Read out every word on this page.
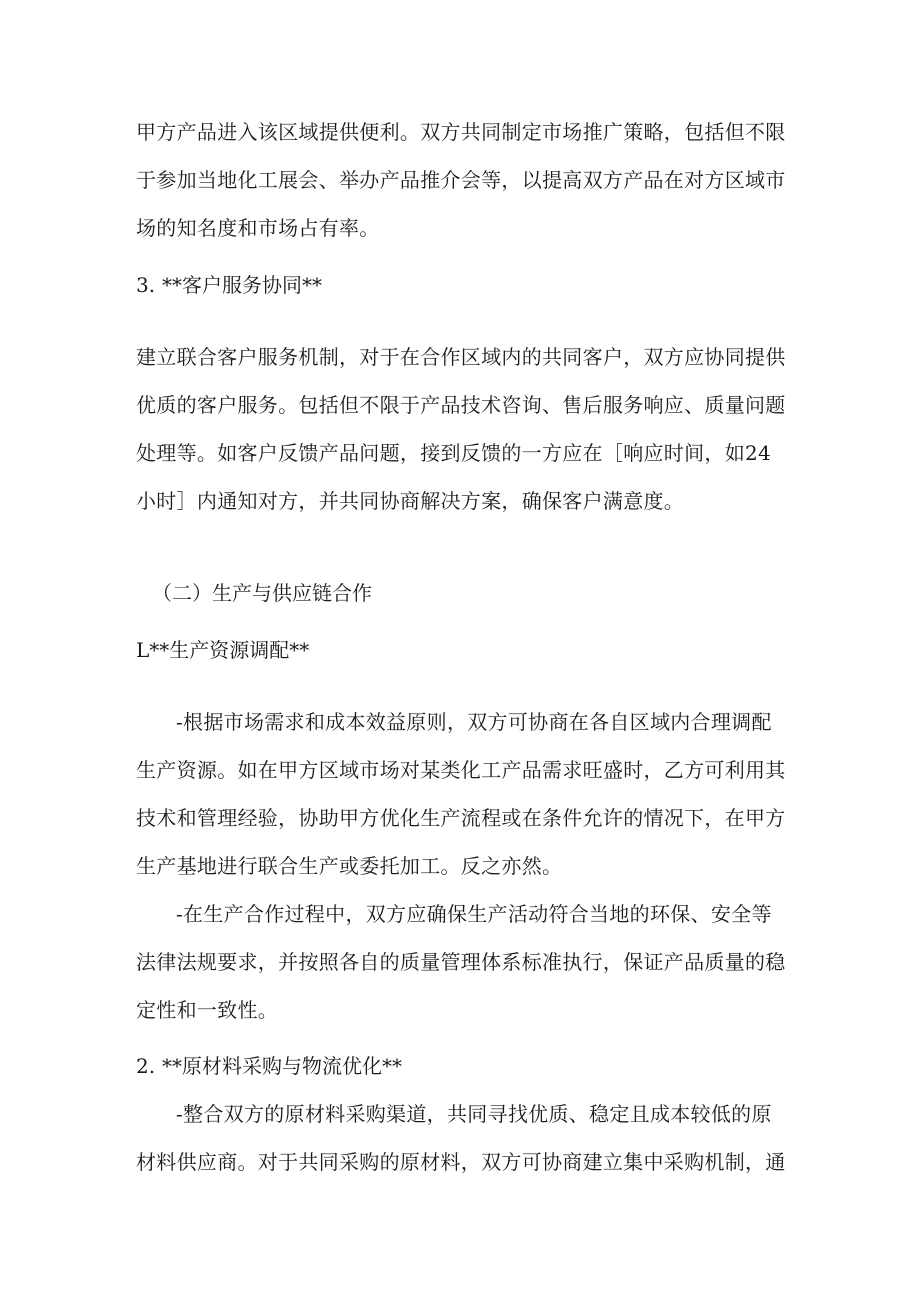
甲方产品进入该区域提供便利。双方共同制定市场推广策略，包括但不限
于参加当地化工展会、举办产品推介会等，以提高双方产品在对方区域市
场的知名度和市场占有率。
3. **客户服务协同**
建立联合客户服务机制，对于在合作区域内的共同客户，双方应协同提供
优质的客户服务。包括但不限于产品技术咨询、售后服务响应、质量问题
处理等。如客户反馈产品问题，接到反馈的一方应在［响应时间，如24
小时］内通知对方，并共同协商解决方案，确保客户满意度。
（二）生产与供应链合作
L**生产资源调配**
-根据市场需求和成本效益原则，双方可协商在各自区域内合理调配
生产资源。如在甲方区域市场对某类化工产品需求旺盛时，乙方可利用其
技术和管理经验，协助甲方优化生产流程或在条件允许的情况下，在甲方
生产基地进行联合生产或委托加工。反之亦然。
-在生产合作过程中，双方应确保生产活动符合当地的环保、安全等
法律法规要求，并按照各自的质量管理体系标准执行，保证产品质量的稳
定性和一致性。
2. **原材料采购与物流优化**
-整合双方的原材料采购渠道，共同寻找优质、稳定且成本较低的原
材料供应商。对于共同采购的原材料，双方可协商建立集中采购机制，通
